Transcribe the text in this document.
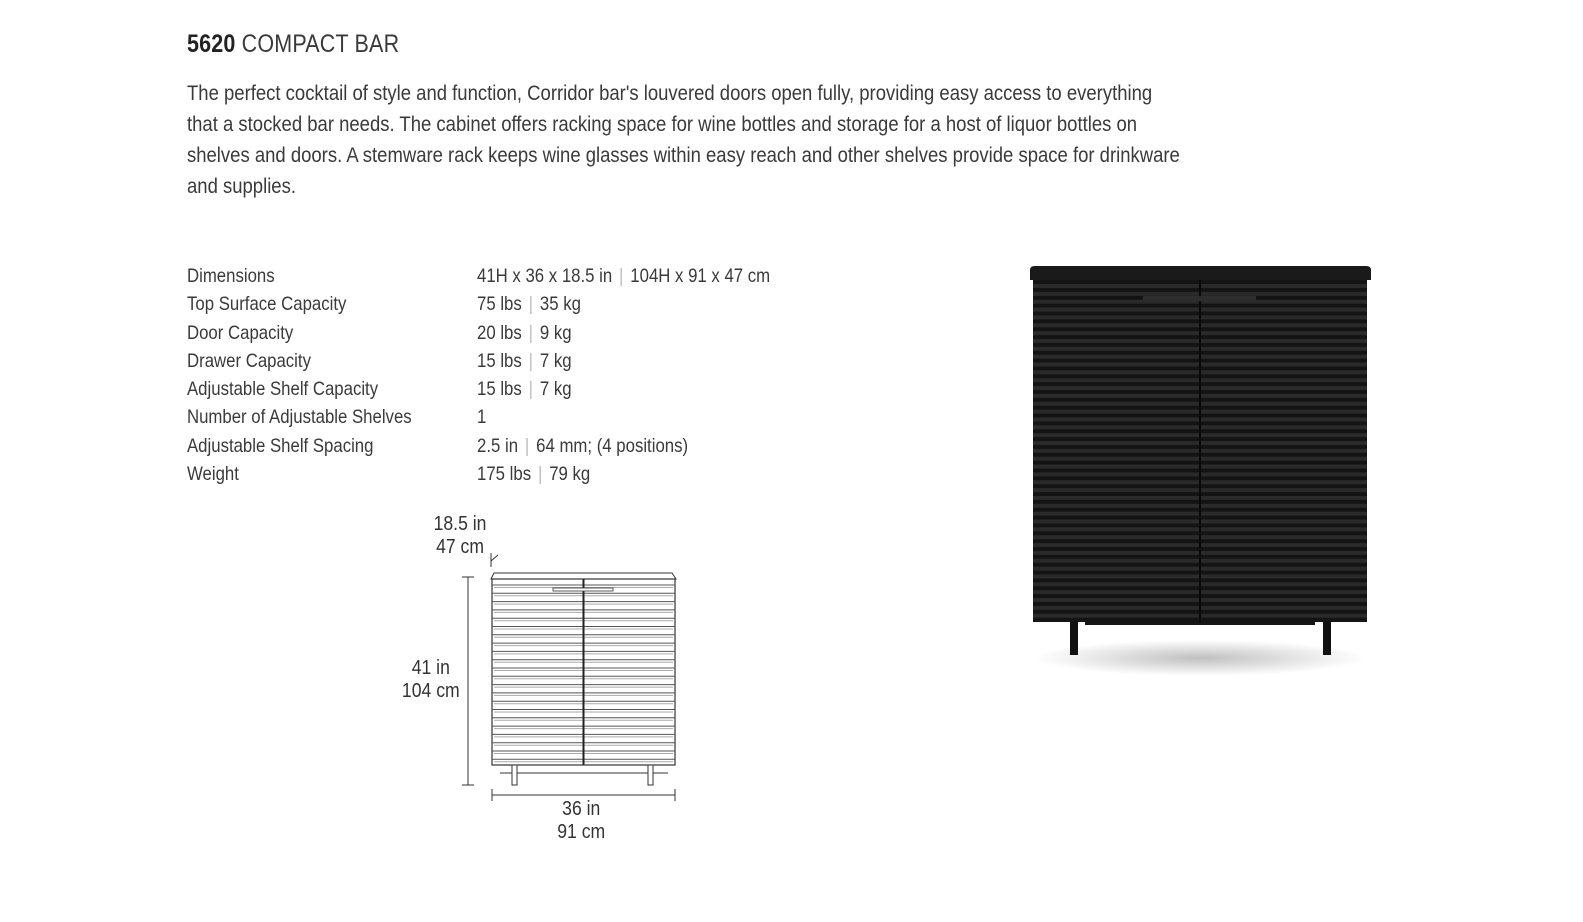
5620 COMPACT BAR

The perfect cocktail of style and function, Corridor bar's louvered doors open fully, providing easy access to everything that a stocked bar needs. The cabinet offers racking space for wine bottles and storage for a host of liquor bottles on shelves and doors. A stemware rack keeps wine glasses within easy reach and other shelves provide space for drinkware and supplies.

Dimensions	41H x 36 x 18.5 in | 104H x 91 x 47 cm
Top Surface Capacity	75 lbs | 35 kg
Door Capacity	20 lbs | 9 kg
Drawer Capacity	15 lbs | 7 kg
Adjustable Shelf Capacity	15 lbs | 7 kg
Number of Adjustable Shelves	1
Adjustable Shelf Spacing	2.5 in | 64 mm; (4 positions)
Weight	175 lbs | 79 kg
18.5 in
47 cm
41 in
104 cm
36 in
91 cm
